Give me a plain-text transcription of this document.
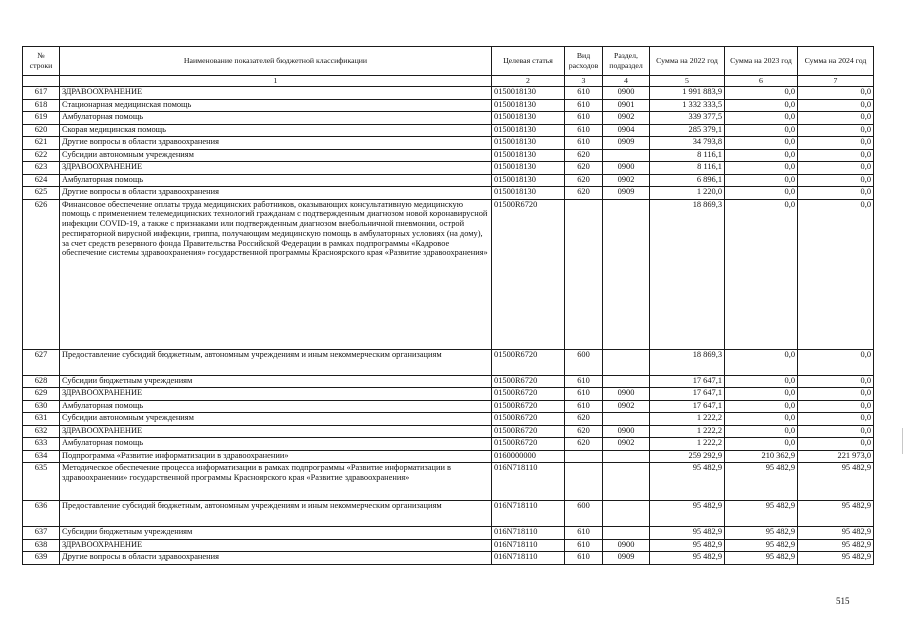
№ строки	Наименование показателей бюджетной классификации	Целевая статья	Вид расходов	Раздел, подраздел	Сумма на 2022 год	Сумма на 2023 год	Сумма на 2024 год
	1	2	3	4	5	6	7
617	ЗДРАВООХРАНЕНИЕ	0150018130	610	0900	1 991 883,9	0,0	0,0
618	Стационарная медицинская помощь	0150018130	610	0901	1 332 333,5	0,0	0,0
619	Амбулаторная помощь	0150018130	610	0902	339 377,5	0,0	0,0
620	Скорая медицинская помощь	0150018130	610	0904	285 379,1	0,0	0,0
621	Другие вопросы в области здравоохранения	0150018130	610	0909	34 793,8	0,0	0,0
622	Субсидии автономным учреждениям	0150018130	620		8 116,1	0,0	0,0
623	ЗДРАВООХРАНЕНИЕ	0150018130	620	0900	8 116,1	0,0	0,0
624	Амбулаторная помощь	0150018130	620	0902	6 896,1	0,0	0,0
625	Другие вопросы в области здравоохранения	0150018130	620	0909	1 220,0	0,0	0,0
626	Финансовое обеспечение оплаты труда медицинских работников, оказывающих консультативную медицинскую помощь с применением телемедицинских технологий гражданам с подтвержденным диагнозом новой коронавирусной инфекции COVID-19, а также с признаками или подтвержденным диагнозом внебольничной пневмонии, острой респираторной вирусной инфекции, гриппа, получающим медицинскую помощь в амбулаторных условиях (на дому), за счет средств резервного фонда Правительства Российской Федерации в рамках подпрограммы «Кадровое обеспечение системы здравоохранения» государственной программы Красноярского края «Развитие здравоохранения»	01500R6720			18 869,3	0,0	0,0
627	Предоставление субсидий бюджетным, автономным учреждениям и иным некоммерческим организациям	01500R6720	600		18 869,3	0,0	0,0
628	Субсидии бюджетным учреждениям	01500R6720	610		17 647,1	0,0	0,0
629	ЗДРАВООХРАНЕНИЕ	01500R6720	610	0900	17 647,1	0,0	0,0
630	Амбулаторная помощь	01500R6720	610	0902	17 647,1	0,0	0,0
631	Субсидии автономным учреждениям	01500R6720	620		1 222,2	0,0	0,0
632	ЗДРАВООХРАНЕНИЕ	01500R6720	620	0900	1 222,2	0,0	0,0
633	Амбулаторная помощь	01500R6720	620	0902	1 222,2	0,0	0,0
634	Подпрограмма «Развитие информатизации в здравоохранении»	0160000000			259 292,9	210 362,9	221 973,0
635	Методическое обеспечение процесса информатизации в рамках подпрограммы «Развитие информатизации в здравоохранении» государственной программы Красноярского края «Развитие здравоохранения»	016N718110			95 482,9	95 482,9	95 482,9
636	Предоставление субсидий бюджетным, автономным учреждениям и иным некоммерческим организациям	016N718110	600		95 482,9	95 482,9	95 482,9
637	Субсидии бюджетным учреждениям	016N718110	610		95 482,9	95 482,9	95 482,9
638	ЗДРАВООХРАНЕНИЕ	016N718110	610	0900	95 482,9	95 482,9	95 482,9
639	Другие вопросы в области здравоохранения	016N718110	610	0909	95 482,9	95 482,9	95 482,9
515
